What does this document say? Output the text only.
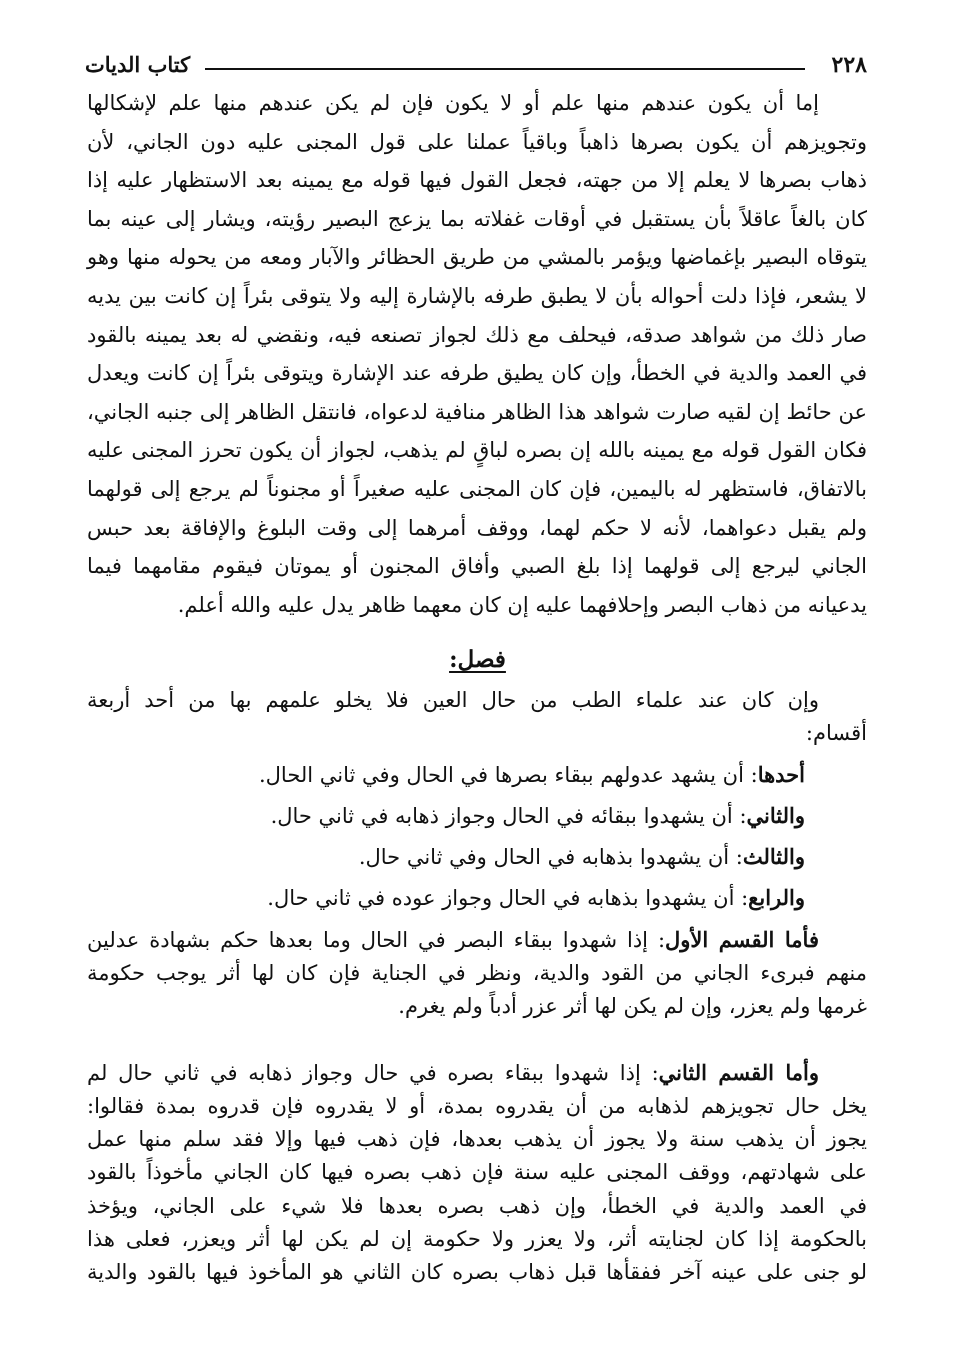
٢٢٨
كتاب الديات
إما أن يكون عندهم منها علم أو لا يكون فإن لم يكن عندهم منها علم لإشكالها
وتجويزهم أن يكون بصرها ذاهباً وباقياً عملنا على قول المجنى عليه دون الجاني، لأن
ذهاب بصرها لا يعلم إلا من جهته، فجعل القول فيها قوله مع يمينه بعد الاستظهار عليه إذا
كان بالغاً عاقلاً بأن يستقبل في أوقات غفلاته بما يزعج البصير رؤيته، ويشار إلى عينه بما
يتوقاه البصير بإغماضها ويؤمر بالمشي من طريق الحظائر والآبار ومعه من يحوله منها وهو
لا يشعر، فإذا دلت أحواله بأن لا يطبق طرفه بالإشارة إليه ولا يتوقى بئراً إن كانت بين يديه
صار ذلك من شواهد صدقه، فيحلف مع ذلك لجواز تصنعه فيه، ونقضي له بعد يمينه بالقود
في العمد والدية في الخطأ، وإن كان يطيق طرفه عند الإشارة ويتوقى بئراً إن كانت ويعدل
عن حائط إن لقيه صارت شواهد هذا الظاهر منافية لدعواه، فانتقل الظاهر إلى جنبه الجاني،
فكان القول قوله مع يمينه بالله إن بصره لباقٍ لم يذهب، لجواز أن يكون تحرز المجنى عليه
بالاتفاق، فاستظهر له باليمين، فإن كان المجنى عليه صغيراً أو مجنوناً لم يرجع إلى قولهما
ولم يقبل دعواهما، لأنه لا حكم لهما، ووقف أمرهما إلى وقت البلوغ والإفاقة بعد حبس
الجاني ليرجع إلى قولهما إذا بلغ الصبي وأفاق المجنون أو يموتان فيقوم مقامهما فيما
يدعيانه من ذهاب البصر وإحلافهما عليه إن كان معهما ظاهر يدل عليه والله أعلم.
فصل:
وإن كان عند علماء الطب من حال العين فلا يخلو علمهم بها من أحد أربعة
أقسام:
أحدها: أن يشهد عدولهم ببقاء بصرها في الحال وفي ثاني الحال.
والثاني: أن يشهدوا ببقائه في الحال وجواز ذهابه في ثاني حال.
والثالث: أن يشهدوا بذهابه في الحال وفي ثاني حال.
والرابع: أن يشهدوا بذهابه في الحال وجواز عوده في ثاني حال.
فأما القسم الأول: إذا شهدوا ببقاء البصر في الحال وما بعدها حكم بشهادة عدلين
منهم فبرىء الجاني من القود والدية، ونظر في الجناية فإن كان لها أثر يوجب حكومة
غرمها ولم يعزر، وإن لم يكن لها أثر عزر أدباً ولم يغرم.
وأما القسم الثاني: إذا شهدوا ببقاء بصره في حال وجواز ذهابه في ثاني حال لم
يخل حال تجويزهم لذهابه من أن يقدروه بمدة، أو لا يقدروه فإن قدروه بمدة فقالوا:
يجوز أن يذهب سنة ولا يجوز أن يذهب بعدها، فإن ذهب فيها وإلا فقد سلم منها عمل
على شهادتهم، ووقف المجنى عليه سنة فإن ذهب بصره فيها كان الجاني مأخوذاً بالقود
في العمد والدية في الخطأ، وإن ذهب بصره بعدها فلا شيء على الجاني، ويؤخذ
بالحكومة إذا كان لجنايته أثر، ولا يعزر ولا حكومة إن لم يكن لها أثر ويعزر، فعلى هذا
لو جنى على عينه آخر ففقأها قبل ذهاب بصره كان الثاني هو المأخوذ فيها بالقود والدية
